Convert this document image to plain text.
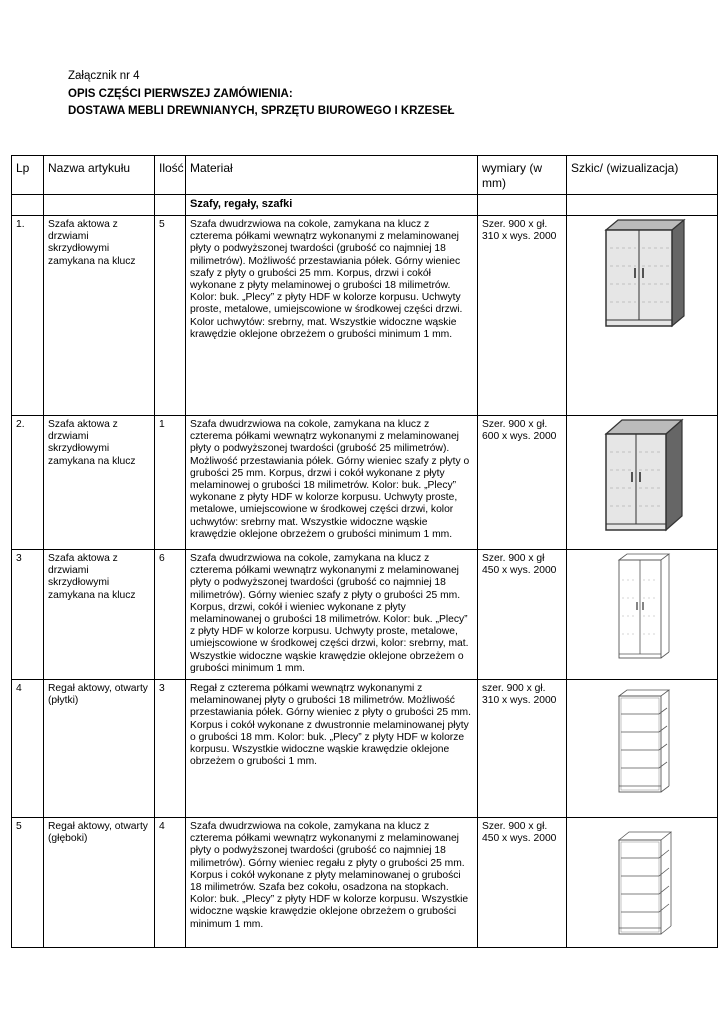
Załącznik nr 4
OPIS CZĘŚCI PIERWSZEJ ZAMÓWIENIA:
DOSTAWA MEBLI DREWNIANYCH, SPRZĘTU BIUROWEGO I KRZESEŁ
Lp	Nazwa artykułu	Ilość	Materiał	wymiary (w mm)	Szkic/ (wizualizacja)
			Szafy, regały, szafki		
1.	Szafa aktowa z drzwiami skrzydłowymi zamykana na klucz	5	Szafa dwudrzwiowa na cokole, zamykana na klucz z czterema półkami wewnątrz wykonanymi z melaminowanej płyty o podwyższonej twardości (grubość co najmniej 18 milimetrów). Możliwość przestawiania półek. Górny wieniec szafy z płyty o grubości 25 mm. Korpus, drzwi i cokół wykonane z płyty melaminowej o grubości 18 milimetrów. Kolor: buk. „Plecy” z płyty HDF w kolorze korpusu. Uchwyty proste, metalowe, umiejscowione w środkowej części drzwi. Kolor uchwytów: srebrny, mat. Wszystkie widoczne wąskie krawędzie oklejone obrzeżem o grubości minimum 1 mm.	Szer. 900 x gł. 310 x wys. 2000	

2.	Szafa aktowa z drzwiami skrzydłowymi zamykana na klucz	1	Szafa dwudrzwiowa na cokole, zamykana na klucz z czterema półkami wewnątrz wykonanymi z melaminowanej płyty o podwyższonej twardości (grubość 25 milimetrów). Możliwość przestawiania półek. Górny wieniec szafy z płyty o grubości 25 mm. Korpus, drzwi i cokół wykonane z płyty melaminowej o grubości 18 milimetrów. Kolor: buk. „Plecy” wykonane z płyty HDF w kolorze korpusu. Uchwyty proste, metalowe, umiejscowione w środkowej części drzwi, kolor uchwytów: srebrny mat. Wszystkie widoczne wąskie krawędzie oklejone obrzeżem o grubości minimum 1 mm.	Szer. 900 x gł. 600 x wys. 2000	

3	Szafa aktowa z drzwiami skrzydłowymi zamykana na klucz	6	Szafa dwudrzwiowa na cokole, zamykana na klucz z czterema półkami wewnątrz wykonanymi z melaminowanej płyty o podwyższonej twardości (grubość co najmniej 18 milimetrów). Górny wieniec szafy z płyty o grubości 25 mm. Korpus, drzwi, cokół i wieniec wykonane z płyty melaminowanej o grubości 18 milimetrów. Kolor: buk. „Plecy” z płyty HDF w kolorze korpusu. Uchwyty proste, metalowe, umiejscowione w środkowej części drzwi, kolor: srebrny, mat. Wszystkie widoczne wąskie krawędzie oklejone obrzeżem o grubości minimum 1 mm.	Szer. 900 x gł 450 x wys. 2000	

4	Regał aktowy, otwarty (płytki)	3	Regał z czterema półkami wewnątrz wykonanymi z melaminowanej płyty o grubości 18 milimetrów. Możliwość przestawiania półek. Górny wieniec z płyty o grubości 25 mm. Korpus i cokół wykonane z dwustronnie melaminowanej płyty o grubości 18 mm. Kolor: buk. „Plecy” z płyty HDF w kolorze korpusu. Wszystkie widoczne wąskie krawędzie oklejone obrzeżem o grubości 1 mm.	szer. 900 x gł. 310 x wys. 2000	

5	Regał aktowy, otwarty (głęboki)	4	Szafa dwudrzwiowa na cokole, zamykana na klucz z czterema półkami wewnątrz wykonanymi z melaminowanej płyty o podwyższonej twardości (grubość co najmniej 18 milimetrów). Górny wieniec regału z płyty o grubości 25 mm. Korpus i cokół wykonane z płyty melaminowanej o grubości 18 milimetrów. Szafa bez cokołu, osadzona na stopkach.
Kolor: buk. „Plecy” z płyty HDF w kolorze korpusu. Wszystkie widoczne wąskie krawędzie oklejone obrzeżem o grubości minimum 1 mm.	Szer. 900 x gł. 450 x wys. 2000	
